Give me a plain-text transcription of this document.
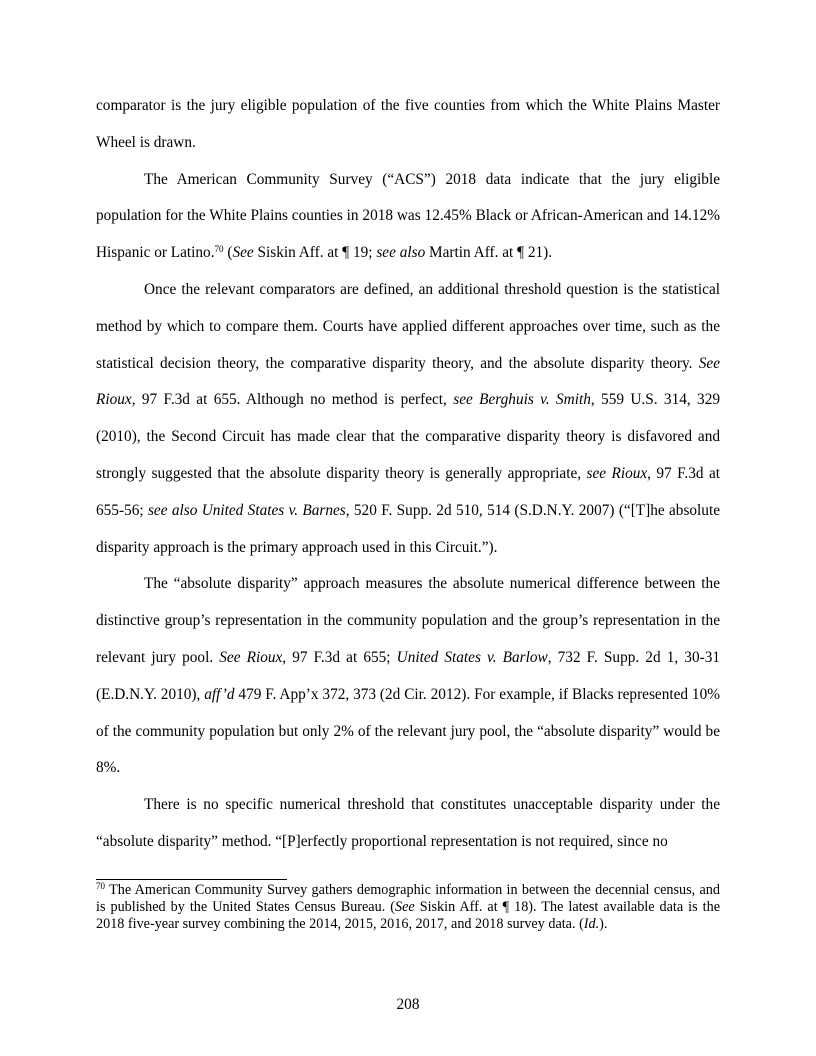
comparator is the jury eligible population of the five counties from which the White Plains Master Wheel is drawn.

The American Community Survey (“ACS”) 2018 data indicate that the jury eligible population for the White Plains counties in 2018 was 12.45% Black or African-American and 14.12% Hispanic or Latino.$^{70}$ (See Siskin Aff. at ¶ 19; see also Martin Aff. at ¶ 21).

Once the relevant comparators are defined, an additional threshold question is the statistical method by which to compare them. Courts have applied different approaches over time, such as the statistical decision theory, the comparative disparity theory, and the absolute disparity theory. See Rioux, 97 F.3d at 655. Although no method is perfect, see Berghuis v. Smith, 559 U.S. 314, 329 (2010), the Second Circuit has made clear that the comparative disparity theory is disfavored and strongly suggested that the absolute disparity theory is generally appropriate, see Rioux, 97 F.3d at 655-56; see also United States v. Barnes, 520 F. Supp. 2d 510, 514 (S.D.N.Y. 2007) (“[T]he absolute disparity approach is the primary approach used in this Circuit.”).

The “absolute disparity” approach measures the absolute numerical difference between the distinctive group’s representation in the community population and the group’s representation in the relevant jury pool. See Rioux, 97 F.3d at 655; United States v. Barlow, 732 F. Supp. 2d 1, 30-31 (E.D.N.Y. 2010), aff’d 479 F. App’x 372, 373 (2d Cir. 2012). For example, if Blacks represented 10% of the community population but only 2% of the relevant jury pool, the “absolute disparity” would be 8%.

There is no specific numerical threshold that constitutes unacceptable disparity under the “absolute disparity” method. “[P]erfectly proportional representation is not required, since no

$^{70}$ The American Community Survey gathers demographic information in between the decennial census, and is published by the United States Census Bureau. (See Siskin Aff. at ¶ 18). The latest available data is the 2018 five-year survey combining the 2014, 2015, 2016, 2017, and 2018 survey data. (Id.).

208
